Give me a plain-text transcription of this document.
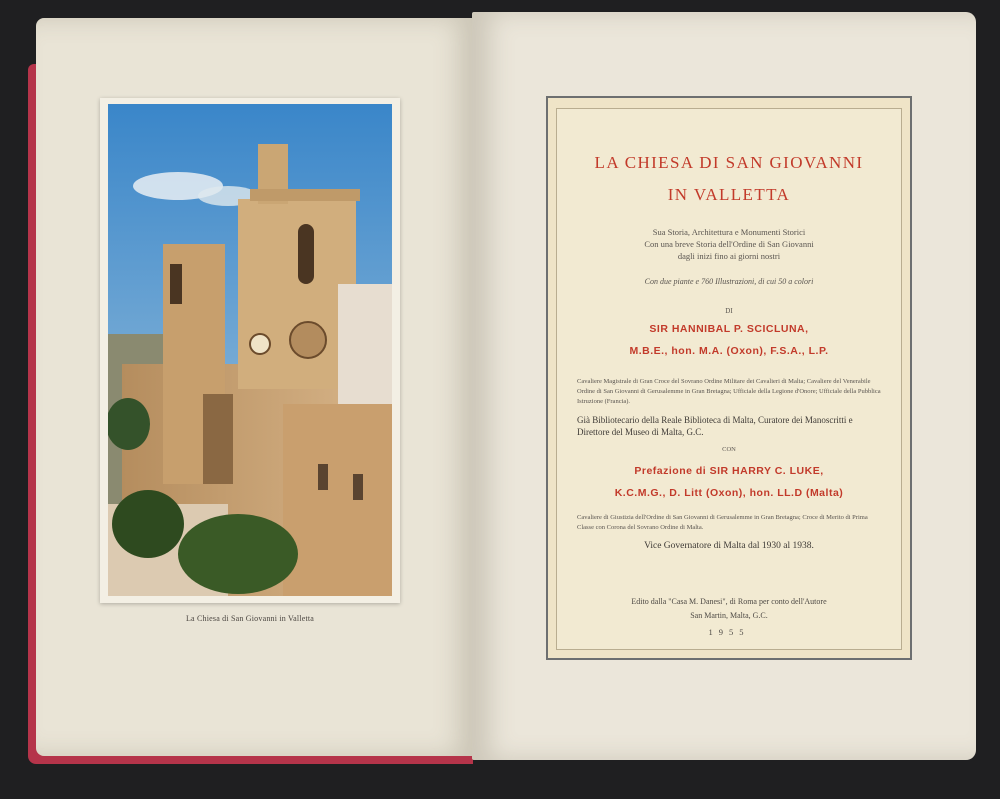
La Chiesa di San Giovanni in Valletta
LA CHIESA DI SAN GIOVANNI
IN VALLETTA
Sua Storia, Architettura e Monumenti Storici
Con una breve Storia dell'Ordine di San Giovanni
dagli inizi fino ai giorni nostri
Con due piante e 760 Illustrazioni, di cui 50 a colori
DI
SIR HANNIBAL P. SCICLUNA,
M.B.E., hon. M.A. (Oxon), F.S.A., L.P.
Cavaliere Magistrale di Gran Croce del Sovrano Ordine Militare dei Cavalieri di Malta; Cavaliere del Venerabile Ordine di San Giovanni di Gerusalemme in Gran Bretagna; Ufficiale della Legione d'Onore; Ufficiale della Pubblica Istruzione (Francia).
Già Bibliotecario della Reale Biblioteca di Malta, Curatore dei Manoscritti e Direttore del Museo di Malta, G.C.
CON
Prefazione di SIR HARRY C. LUKE,
K.C.M.G., D. Litt (Oxon), hon. LL.D (Malta)
Cavaliere di Giustizia dell'Ordine di San Giovanni di Gerusalemme in Gran Bretagna; Croce di Merito di Prima Classe con Corona del Sovrano Ordine di Malta.
Vice Governatore di Malta dal 1930 al 1938.
Edito dalla "Casa M. Danesi", di Roma per conto dell'Autore
San Martin, Malta, G.C.
1955
